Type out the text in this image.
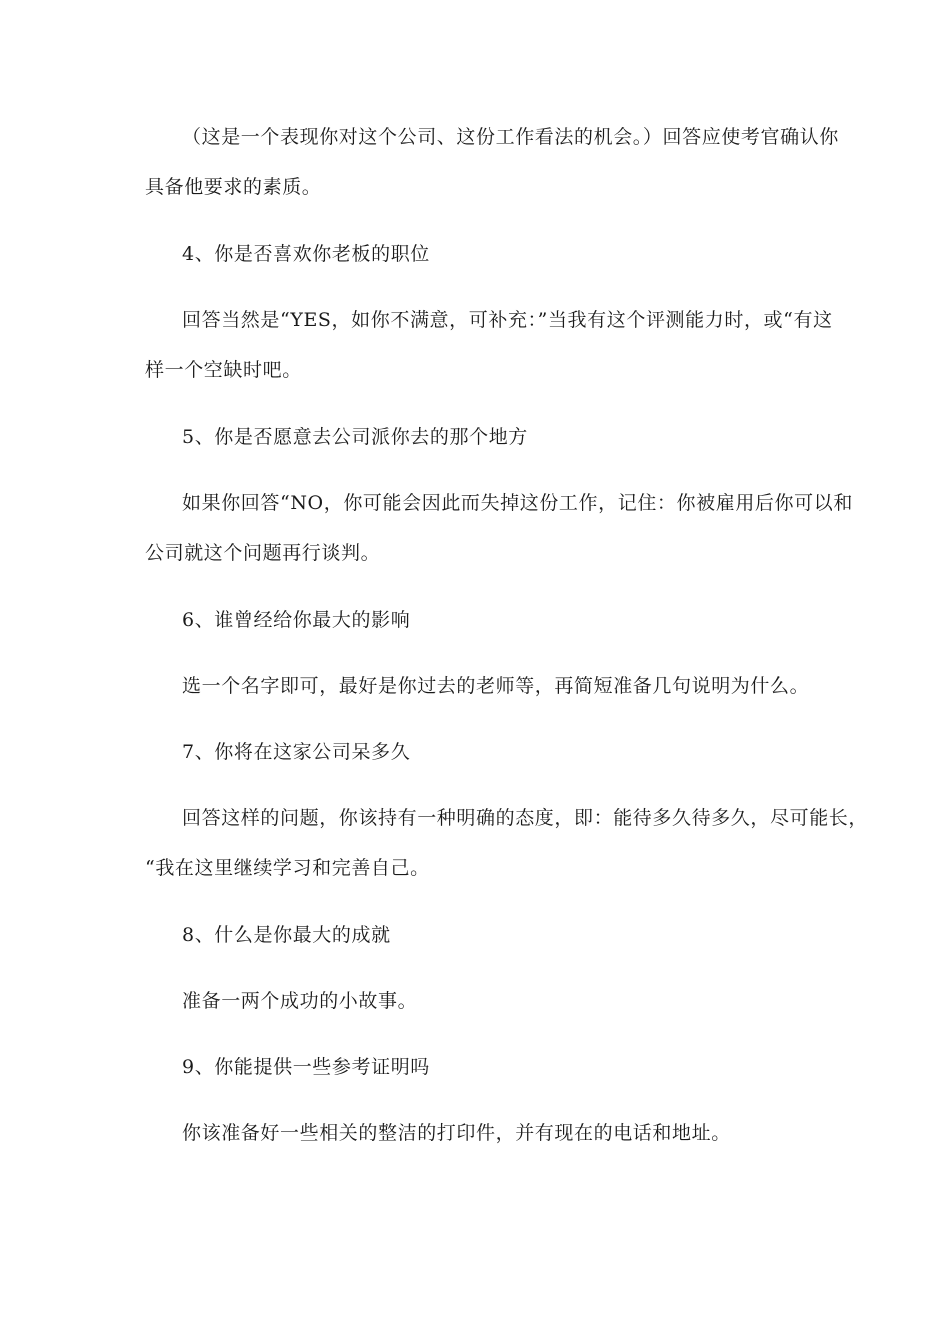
（这是一个表现你对这个公司、这份工作看法的机会。）回答应使考官确认你
具备他要求的素质。
4、你是否喜欢你老板的职位
回答当然是“YES，如你不满意，可补充：”当我有这个评测能力时，或“有这
样一个空缺时吧。
5、你是否愿意去公司派你去的那个地方
如果你回答“NO，你可能会因此而失掉这份工作，记住：你被雇用后你可以和
公司就这个问题再行谈判。
6、谁曾经给你最大的影响
选一个名字即可，最好是你过去的老师等，再简短准备几句说明为什么。
7、你将在这家公司呆多久
回答这样的问题，你该持有一种明确的态度，即：能待多久待多久，尽可能长，
“我在这里继续学习和完善自己。
8、什么是你最大的成就
准备一两个成功的小故事。
9、你能提供一些参考证明吗
你该准备好一些相关的整洁的打印件，并有现在的电话和地址。
